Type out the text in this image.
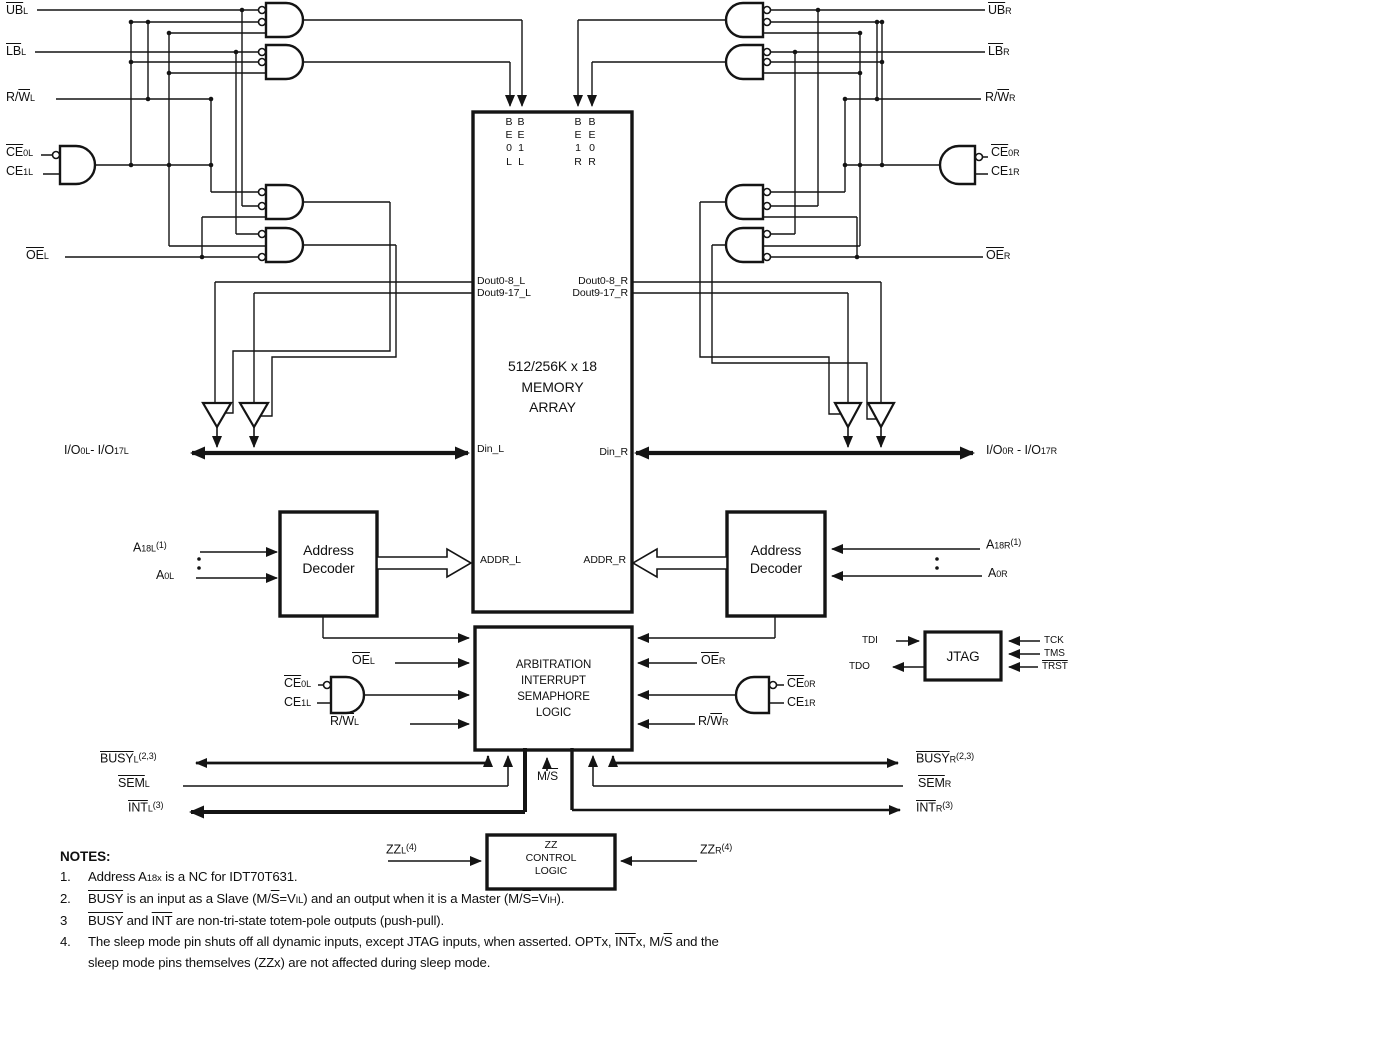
$\overline{UB}L$
$\overline{LB}L$
$R/\overline{W}L$
$\overline{CE}0L$
CE1L
$\overline{OE}L$
I/O0L- I/O17L
$A18L^{(1)}$
A0L
BUSYL$^{(2,3)}$
$\overline{SEM}L$
$\overline{INT}L^{(3)}$
ZZL$^{(4)}$
$\overline{UB}R$
$\overline{LB}R$
$R/\overline{W}R$
$\overline{CE}0R$
CE1R
$\overline{OE}R$
I/O0R - I/O17R
$A18R^{(1)}$
A0R
BUSYR$^{(2,3)}$
$\overline{SEM}R$
$\overline{INT}R^{(3)}$
ZZR$^{(4)}$
$\overline{OE}L$
$\overline{CE}0L$
CE1L
$R/\overline{W}L$
$\overline{OE}R$
$\overline{CE}0R$
CE1R
$R/\overline{W}R$
$M/\overline{S}$
512/256K x 18
MEMORY
ARRAY
B
E
0
L
B
E
1
L
B
E
1
R
B
E
0
R
Dout0-8_L
Dout9-17_L
Dout0-8_R
Dout9-17_R
Din_L	Din_R
ADDR_L	ADDR_R
Address
Decoder
Address
Decoder
ARBITRATION
INTERRUPT
SEMAPHORE
LOGIC
JTAG
TDI
TDO
TCK
TMS
TRST
ZZ
CONTROL
LOGIC
NOTES:
1. Address A18x is a NC for IDT70T631.
2. BUSY is an input as a Slave $(M/\overline{S}=VIL)$ and an output when it is a Master $(M/\overline{S}=VIH)$.
3 BUSY and $\overline{INT}$ are non-tri-state totem-pole outputs (push-pull).
4. The sleep mode pin shuts off all dynamic inputs, except JTAG inputs, when asserted. OPTx, $\overline{INT}x$, $M/\overline{S}$ and the
sleep mode pins themselves (ZZx) are not affected during sleep mode.
